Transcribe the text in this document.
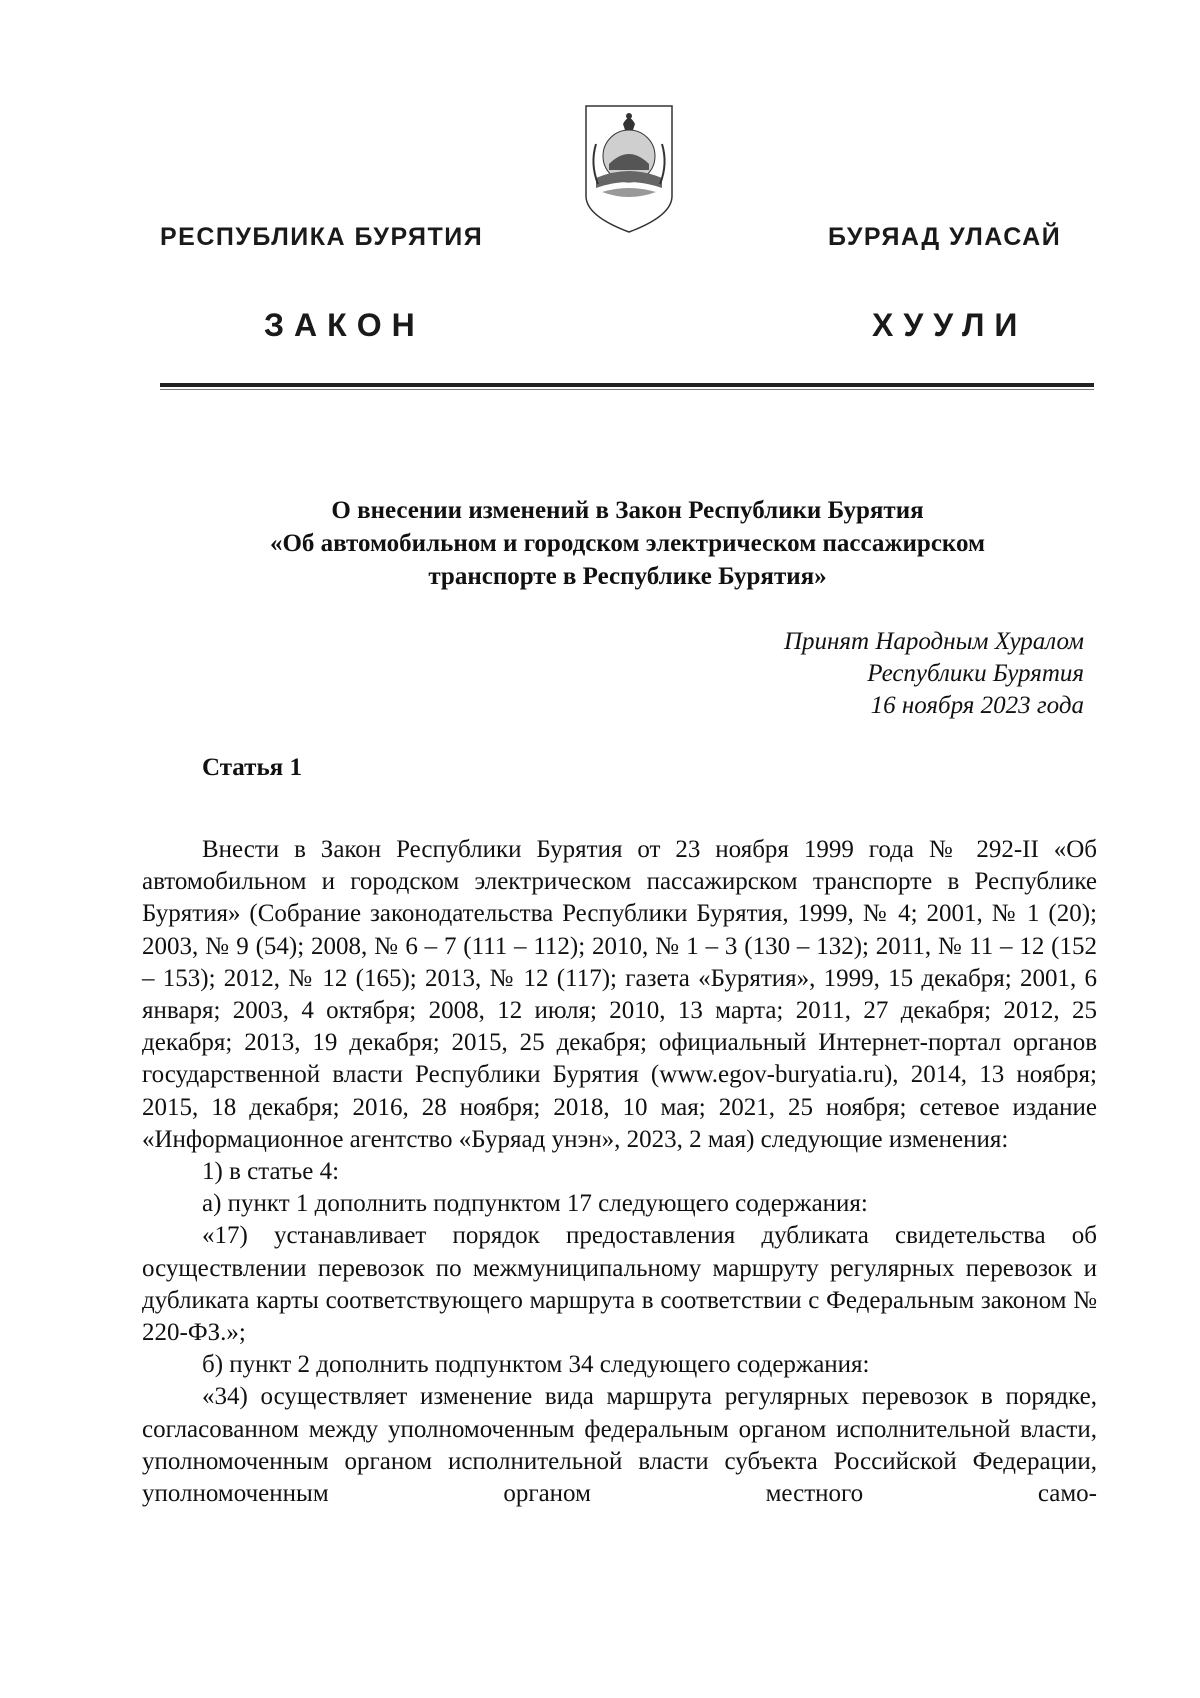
РЕСПУБЛИКА БУРЯТИЯ	БУРЯАД УЛАСАЙ
ЗАКОН	ХУУЛИ
О внесении изменений в Закон Республики Бурятия
«Об автомобильном и городском электрическом пассажирском
транспорте в Республике Бурятия»
Принят Народным Хуралом
Республики Бурятия
16 ноября 2023 года
Статья 1

Внести в Закон Республики Бурятия от 23 ноября 1999 года № 292-II «Об автомобильном и городском электрическом пассажирском транспорте в Республике Бурятия» (Собрание законодательства Республики Бурятия, 1999, № 4; 2001, № 1 (20); 2003, № 9 (54); 2008, № 6 – 7 (111 – 112); 2010, № 1 – 3 (130 – 132); 2011, № 11 – 12 (152 – 153); 2012, № 12 (165); 2013, № 12 (117); газета «Бурятия», 1999, 15 декабря; 2001, 6 января; 2003, 4 октября; 2008, 12 июля; 2010, 13 марта; 2011, 27 декабря; 2012, 25 декабря; 2013, 19 декабря; 2015, 25 декабря; официальный Интернет-портал органов государственной власти Республики Бурятия (www.egov-buryatia.ru), 2014, 13 ноября; 2015, 18 декабря; 2016, 28 ноября; 2018, 10 мая; 2021, 25 ноября; сетевое издание «Информационное агентство «Буряад унэн», 2023, 2 мая) следующие изменения:

1) в статье 4:

а) пункт 1 дополнить подпунктом 17 следующего содержания:

«17) устанавливает порядок предоставления дубликата свидетельства об осуществлении перевозок по межмуниципальному маршруту регулярных перевозок и дубликата карты соответствующего маршрута в соответствии с Федеральным законом № 220-ФЗ.»;

б) пункт 2 дополнить подпунктом 34 следующего содержания:

«34) осуществляет изменение вида маршрута регулярных перевозок в порядке, согласованном между уполномоченным федеральным органом исполнительной власти, уполномоченным органом исполнительной власти субъекта Российской Федерации, уполномоченным органом местного само-
